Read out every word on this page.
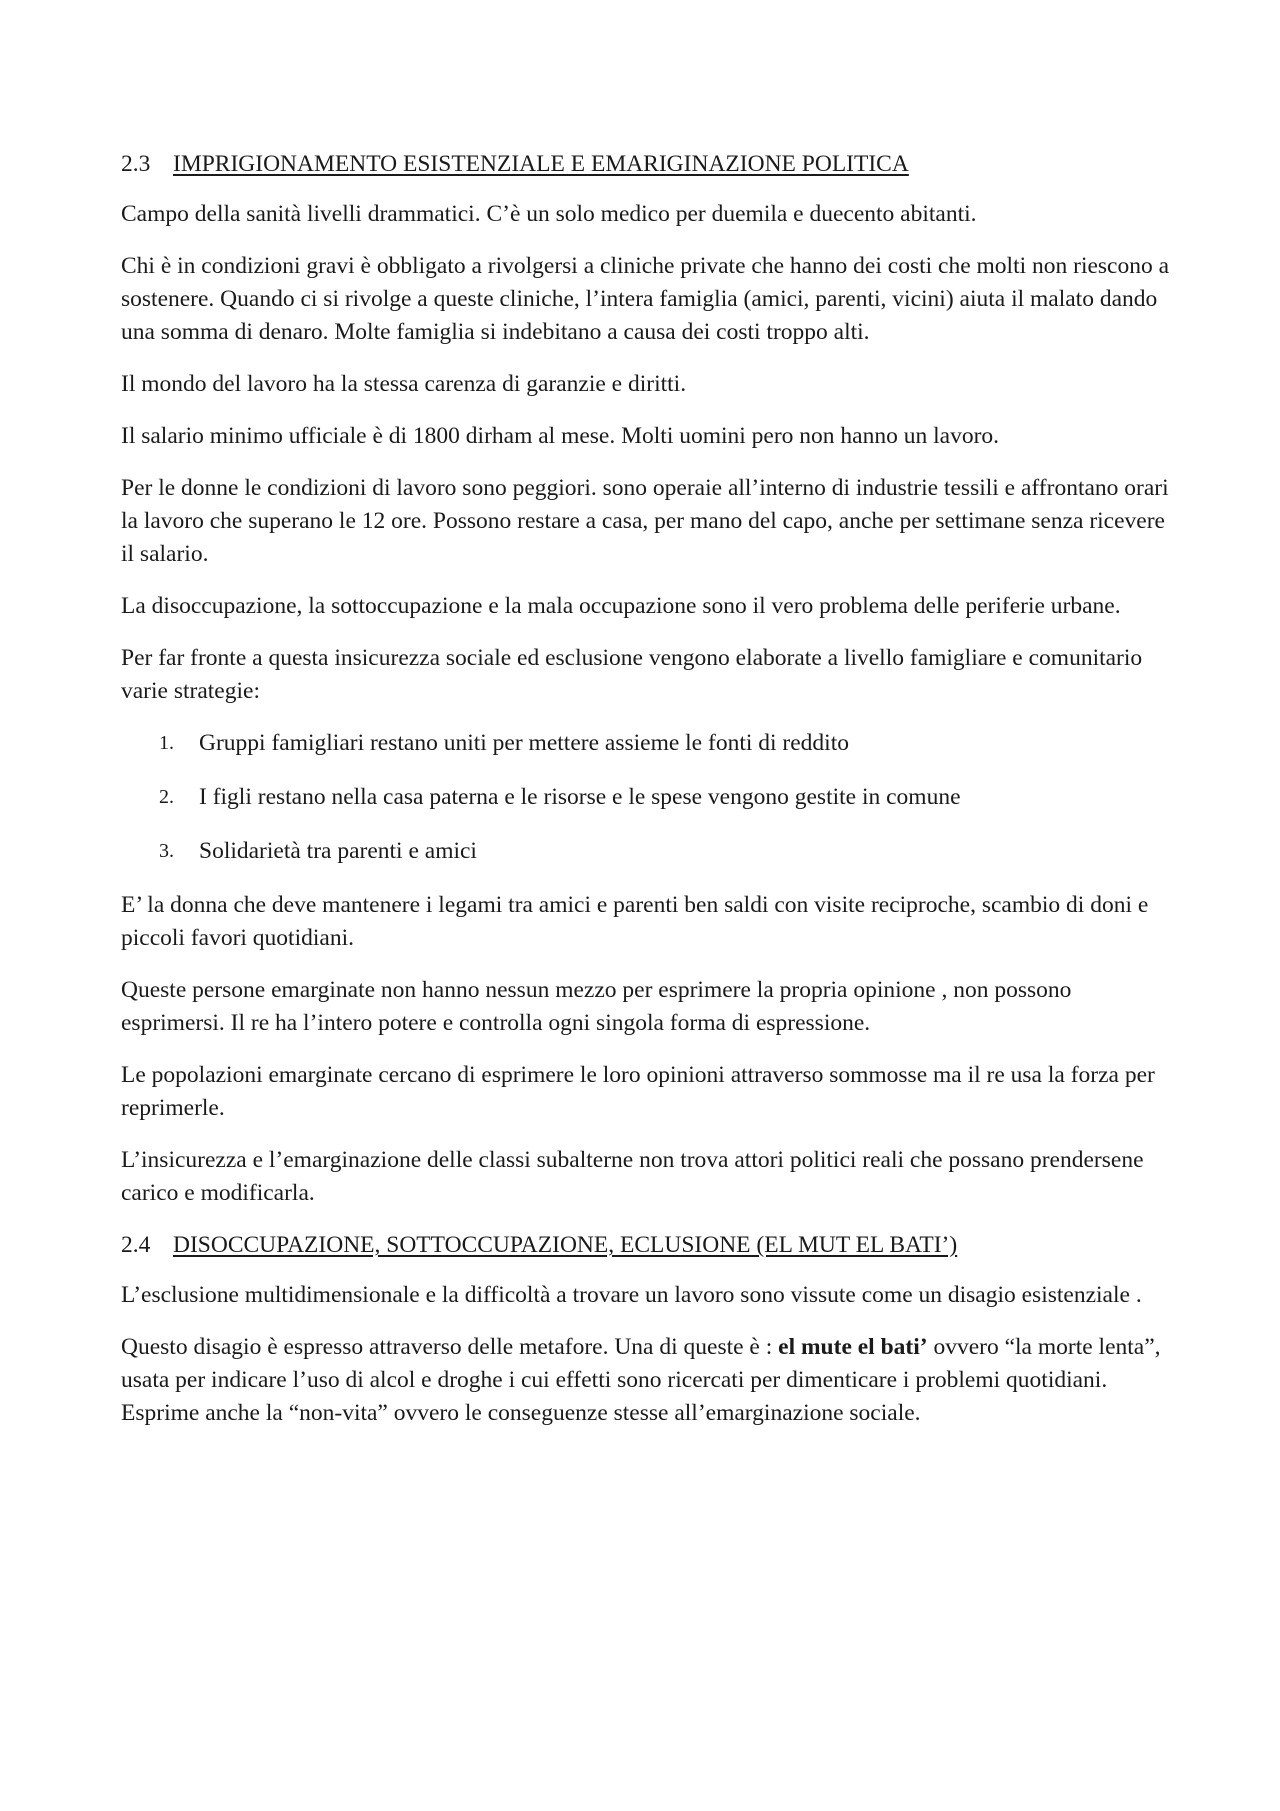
2.3 IMPRIGIONAMENTO ESISTENZIALE E EMARIGINAZIONE POLITICA

Campo della sanità livelli drammatici. C’è un solo medico per duemila e duecento abitanti.

Chi è in condizioni gravi è obbligato a rivolgersi a cliniche private che hanno dei costi che molti non riescono a sostenere. Quando ci si rivolge a queste cliniche, l’intera famiglia (amici, parenti, vicini) aiuta il malato dando una somma di denaro. Molte famiglia si indebitano a causa dei costi troppo alti.

Il mondo del lavoro ha la stessa carenza di garanzie e diritti.

Il salario minimo ufficiale è di 1800 dirham al mese. Molti uomini pero non hanno un lavoro.

Per le donne le condizioni di lavoro sono peggiori. sono operaie all’interno di industrie tessili e affrontano orari la lavoro che superano le 12 ore. Possono restare a casa, per mano del capo, anche per settimane senza ricevere il salario.

La disoccupazione, la sottoccupazione e la mala occupazione sono il vero problema delle periferie urbane.

Per far fronte a questa insicurezza sociale ed esclusione vengono elaborate a livello famigliare e comunitario varie strategie:

1. Gruppi famigliari restano uniti per mettere assieme le fonti di reddito
2. I figli restano nella casa paterna e le risorse e le spese vengono gestite in comune
3. Solidarietà tra parenti e amici

E’ la donna che deve mantenere i legami tra amici e parenti ben saldi con visite reciproche, scambio di doni e piccoli favori quotidiani.

Queste persone emarginate non hanno nessun mezzo per esprimere la propria opinione , non possono esprimersi. Il re ha l’intero potere e controlla ogni singola forma di espressione.

Le popolazioni emarginate cercano di esprimere le loro opinioni attraverso sommosse ma il re usa la forza per reprimerle.

L’insicurezza e l’emarginazione delle classi subalterne non trova attori politici reali che possano prendersene carico e modificarla.

2.4 DISOCCUPAZIONE, SOTTOCCUPAZIONE, ECLUSIONE (EL MUT EL BATI’)

L’esclusione multidimensionale e la difficoltà a trovare un lavoro sono vissute come un disagio esistenziale .

Questo disagio è espresso attraverso delle metafore. Una di queste è : el mute el bati’ ovvero “la morte lenta”, usata per indicare l’uso di alcol e droghe i cui effetti sono ricercati per dimenticare i problemi quotidiani. Esprime anche la “non-vita” ovvero le conseguenze stesse all’emarginazione sociale.
